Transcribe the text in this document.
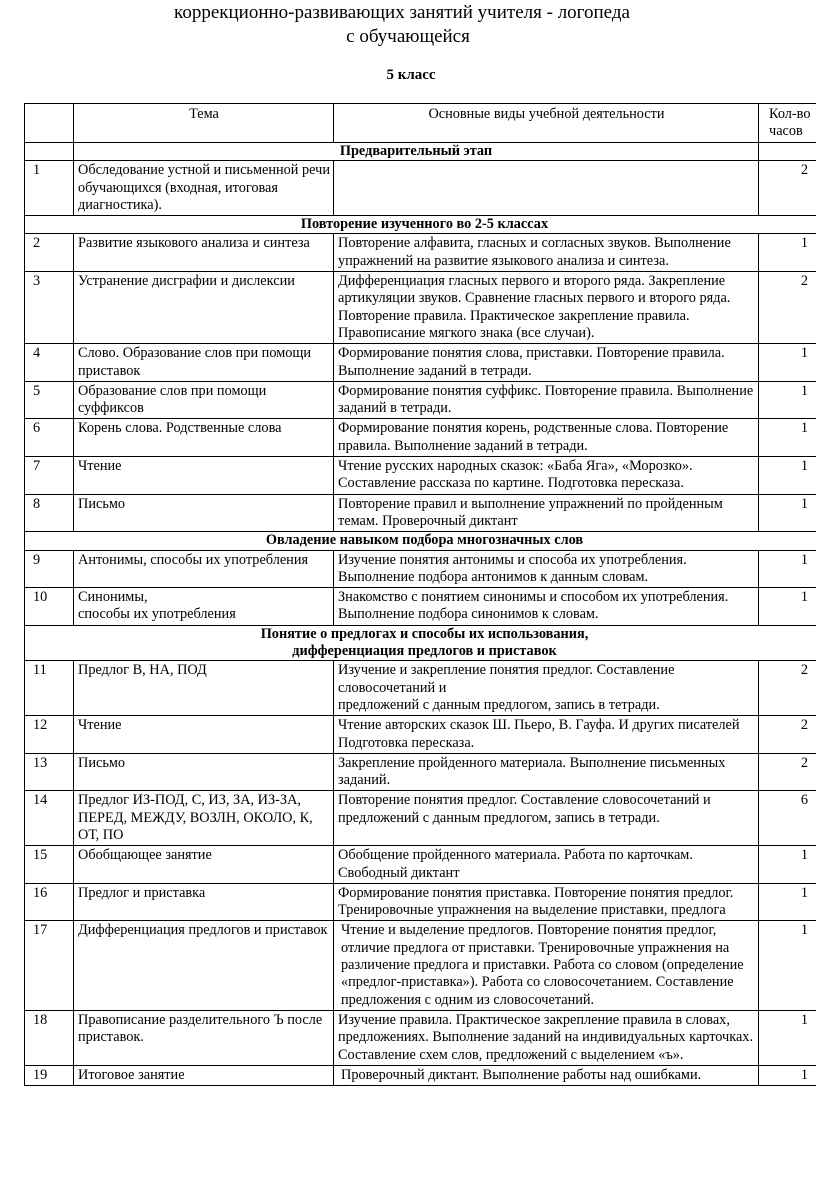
коррекционно-развивающих занятий учителя - логопеда
с обучающейся
5 класс
	Тема	Основные виды учебной деятельности	Кол-во
часов
	Предварительный этап		
1	Обследование устной и письменной речи обучающихся (входная, итоговая диагностика).		2
Повторение изученного во 2-5 классах			
2	Развитие языкового анализа и синтеза	Повторение алфавита, гласных и согласных звуков. Выполнение упражнений на развитие языкового анализа и синтеза.	1
3	Устранение дисграфии и дислексии	Дифференциация гласных первого и второго ряда. Закрепление артикуляции звуков. Сравнение гласных первого и второго ряда. Повторение правила. Практическое закрепление правила. Правописание мягкого знака (все случаи).	2
4	Слово. Образование слов при помощи приставок	Формирование понятия слова, приставки. Повторение правила. Выполнение заданий в тетради.	1
5	Образование слов при помощи суффиксов	Формирование понятия суффикс. Повторение правила. Выполнение заданий в тетради.	1
6	Корень слова. Родственные слова	Формирование понятия корень, родственные слова. Повторение правила. Выполнение заданий в тетради.	1
7	Чтение	Чтение русских народных сказок: «Баба Яга», «Морозко». Составление рассказа по картине. Подготовка пересказа.	1
8	Письмо	Повторение правил и выполнение упражнений по пройденным темам. Проверочный диктант	1
Овладение навыком подбора многозначных слов			
9	Антонимы, способы их употребления	Изучение понятия антонимы и способа их употребления. Выполнение подбора антонимов к данным словам.	1
10	Синонимы,
способы их употребления	Знакомство с понятием синонимы и способом их употребления. Выполнение подбора синонимов к словам.	1
Понятие о предлогах и способы их использования,
дифференциация предлогов и приставок			
11	Предлог В, НА, ПОД	Изучение и закрепление понятия предлог. Составление словосочетаний и
предложений с данным предлогом, запись в тетради.	2
12	Чтение	Чтение авторских сказок Ш. Пьеро, В. Гауфа. И других писателей Подготовка пересказа.	2
13	Письмо	Закрепление пройденного материала. Выполнение письменных заданий.	2
14	Предлог ИЗ-ПОД, С, ИЗ, ЗА, ИЗ-ЗА, ПЕРЕД, МЕЖДУ, ВОЗЛН, ОКОЛО, К, ОТ, ПО	Повторение понятия предлог. Составление словосочетаний и предложений с данным предлогом, запись в тетради.	6
15	Обобщающее занятие	Обобщение пройденного материала. Работа по карточкам. Свободный диктант	1
16	Предлог и приставка	Формирование понятия приставка. Повторение понятия предлог. Тренировочные упражнения на выделение приставки, предлога	1
17	Дифференциация предлогов и приставок	Чтение и выделение предлогов. Повторение понятия предлог, отличие предлога от приставки. Тренировочные упражнения на различение предлога и приставки. Работа со словом (определение «предлог-приставка»). Работа со словосочетанием. Составление предложения с одним из словосочетаний.	1
18	Правописание разделительного Ъ после приставок.	Изучение правила. Практическое закрепление правила в словах, предложениях. Выполнение заданий на индивидуальных карточках. Составление схем слов, предложений с выделением «ъ».	1
19	Итоговое занятие	Проверочный диктант. Выполнение работы над ошибками.	1
